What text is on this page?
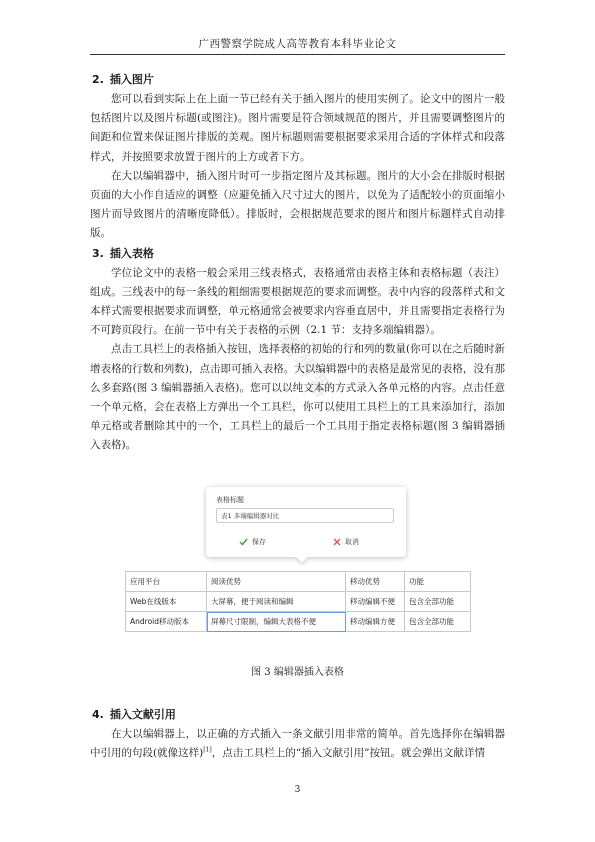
广西警察学院成人高等教育本科毕业论文
大以编辑器
2. 插入图片

您可以看到实际上在上面一节已经有关于插入图片的使用实例了。论文中的图片一般包括图片以及图片标题(或图注)。图片需要是符合领域规范的图片，并且需要调整图片的间距和位置来保证图片排版的美观。图片标题则需要根据要求采用合适的字体样式和段落样式，并按照要求放置于图片的上方或者下方。

在大以编辑器中，插入图片时可一步指定图片及其标题。图片的大小会在排版时根据页面的大小作自适应的调整（应避免插入尺寸过大的图片，以免为了适配较小的页面缩小图片而导致图片的清晰度降低）。排版时，会根据规范要求的图片和图片标题样式自动排版。

3. 插入表格

学位论文中的表格一般会采用三线表格式，表格通常由表格主体和表格标题（表注）组成。三线表中的每一条线的粗细需要根据规范的要求而调整。表中内容的段落样式和文本样式需要根据要求而调整，单元格通常会被要求内容垂直居中，并且需要指定表格行为不可跨页段行。在前一节中有关于表格的示例（2.1 节：支持多端编辑器）。

点击工具栏上的表格插入按钮，选择表格的初始的行和列的数量(你可以在之后随时新增表格的行数和列数)，点击即可插入表格。大以编辑器中的表格是最常见的表格，没有那么多套路(图 3 编辑器插入表格)。您可以以纯文本的方式录入各单元格的内容。点击任意一个单元格，会在表格上方弹出一个工具栏，你可以使用工具栏上的工具来添加行，添加单元格或者删除其中的一个，工具栏上的最后一个工具用于指定表格标题(图 3 编辑器插入表格)。

表格标题
表1 多端编辑器对比
保存	取消
应用平台	阅读优势	移动优势	功能
Web在线版本	大屏幕，便于阅读和编辑	移动编辑不便	包含全部功能
Android移动版本	屏幕尺寸限制，编辑大表格不便	移动编辑方便	包含全部功能
图 3 编辑器插入表格
4. 插入文献引用

在大以编辑器上，以正确的方式插入一条文献引用非常的简单。首先选择你在编辑器中引用的句段(就像这样)[1]，点击工具栏上的“插入文献引用”按钮。就会弹出文献详情

3
